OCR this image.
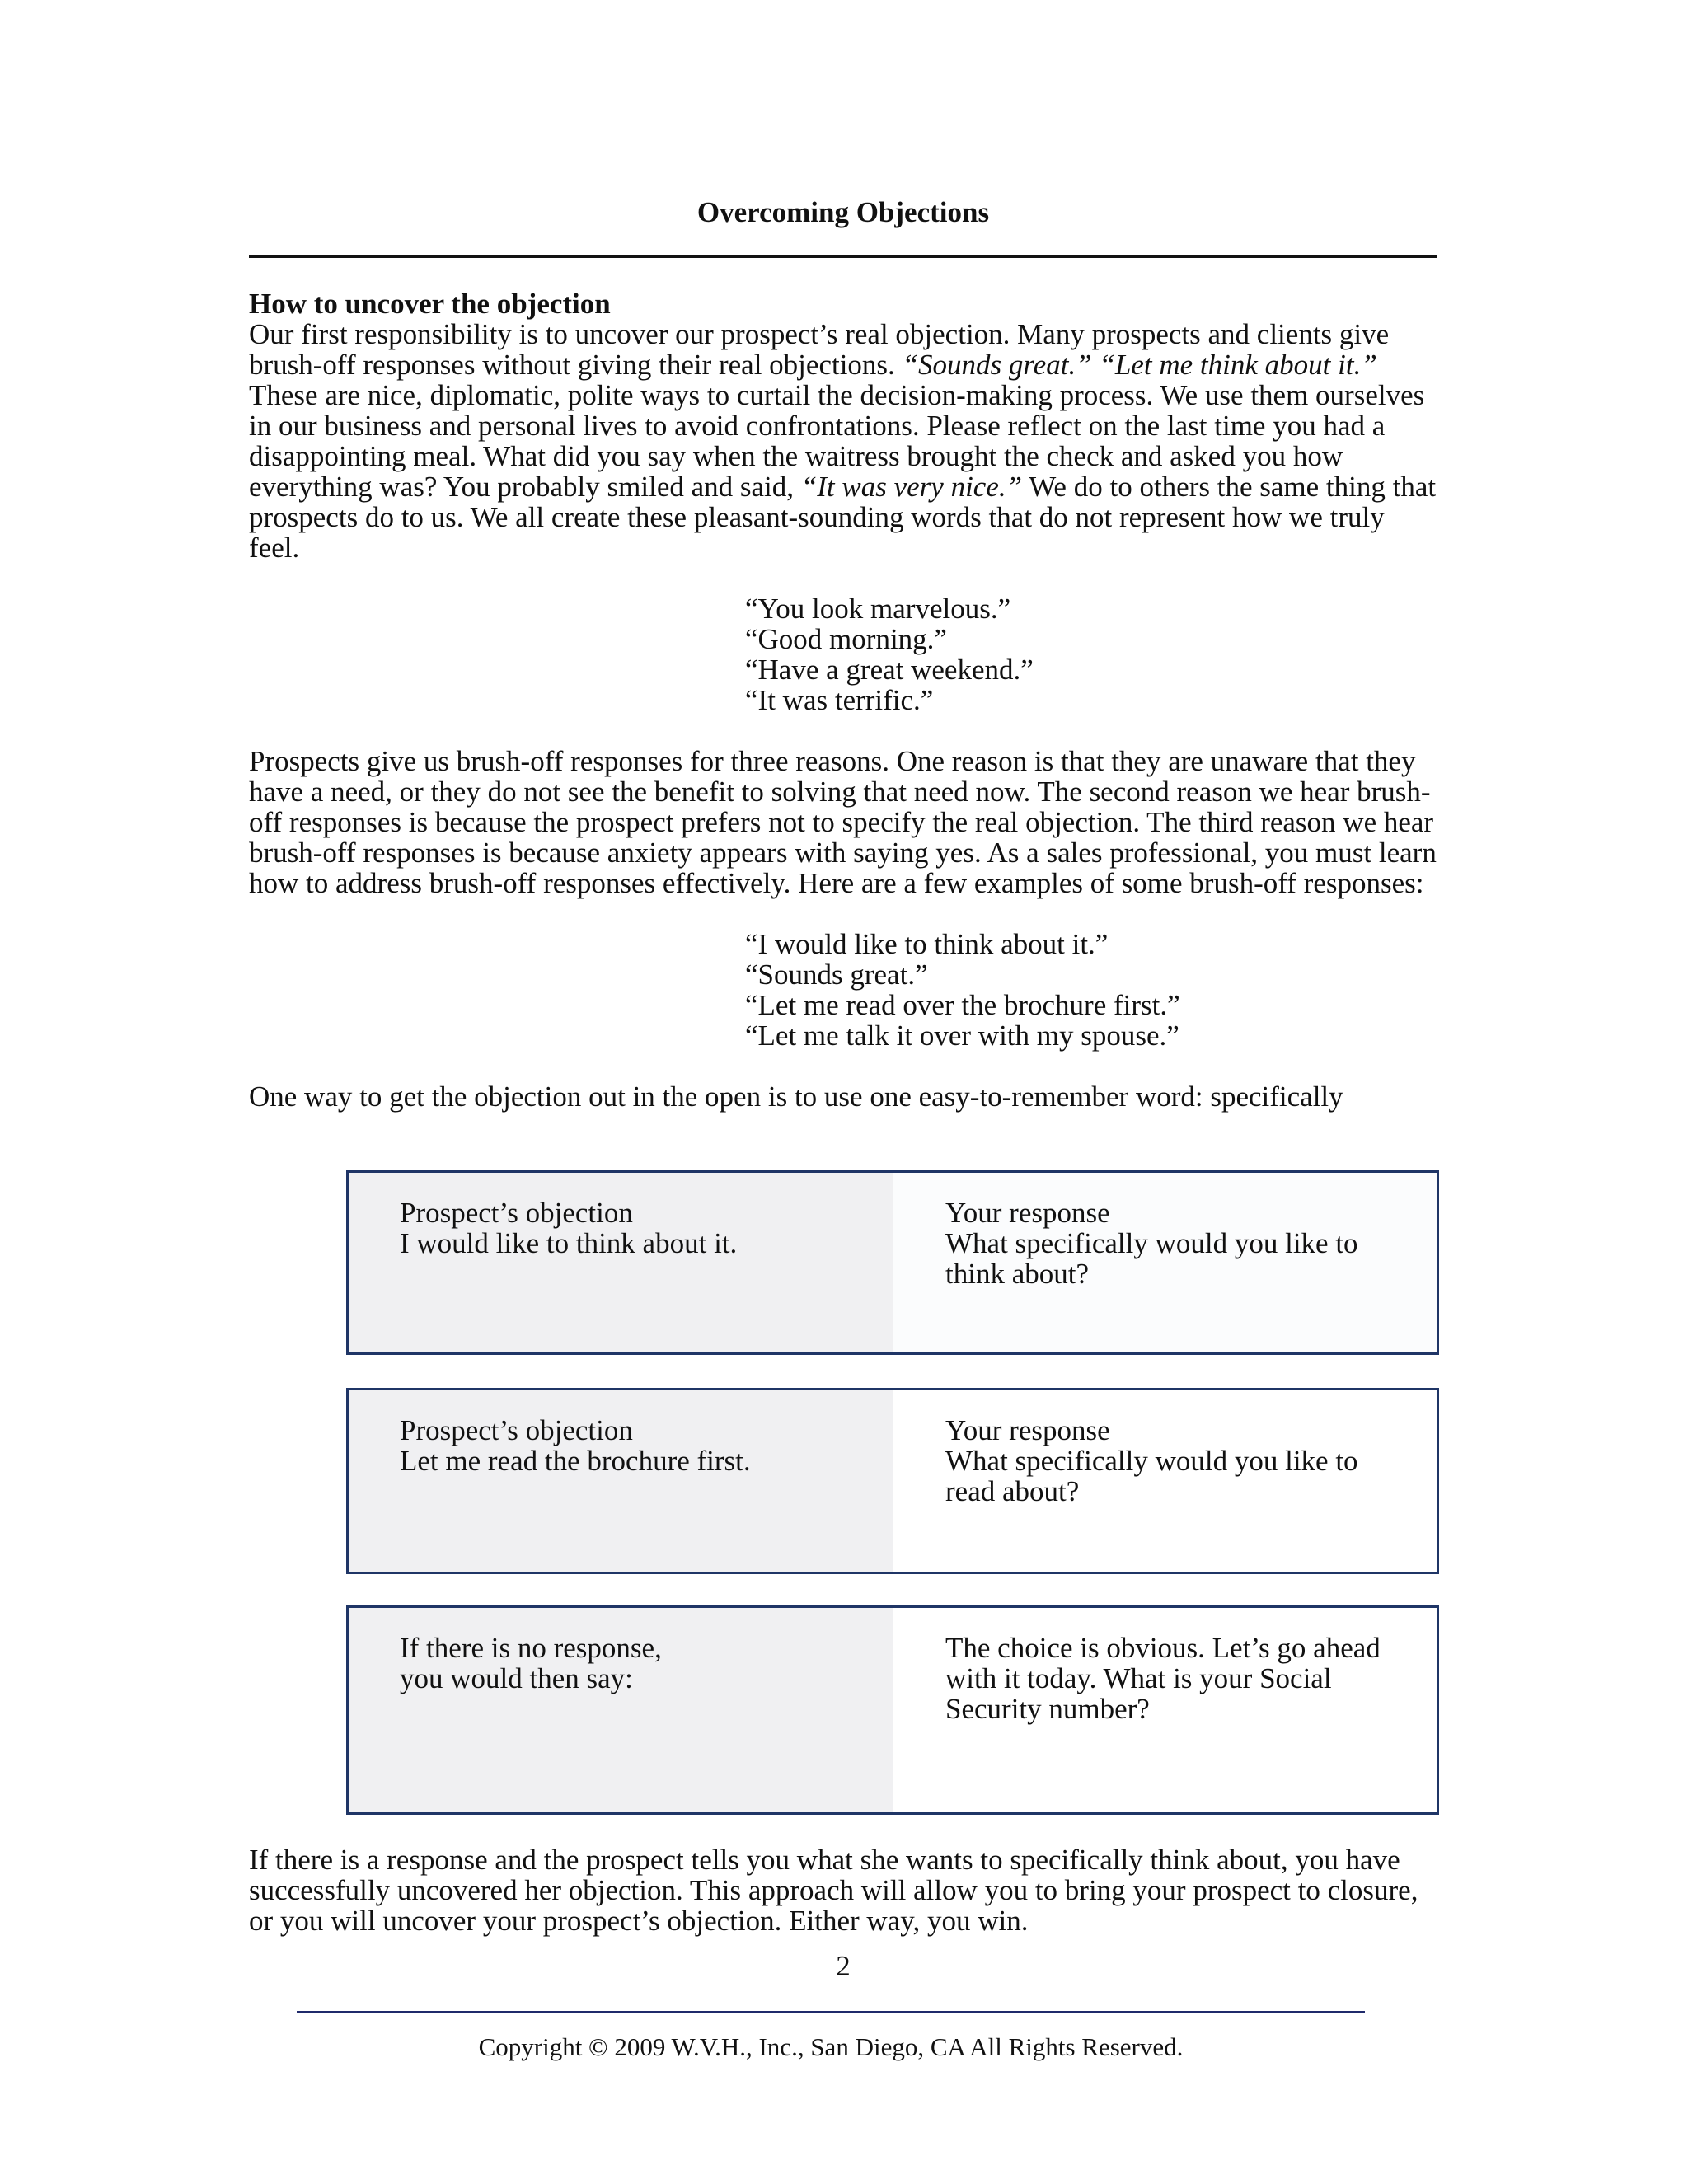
Overcoming Objections

How to uncover the objection

Our first responsibility is to uncover our prospect’s real objection. Many prospects and clients give brush-off responses without giving their real objections. “Sounds great.” “Let me think about it.” These are nice, diplomatic, polite ways to curtail the decision-making process. We use them ourselves in our business and personal lives to avoid confrontations. Please reflect on the last time you had a disappointing meal. What did you say when the waitress brought the check and asked you how everything was? You probably smiled and said, “It was very nice.” We do to others the same thing that prospects do to us. We all create these pleasant-sounding words that do not represent how we truly feel.

“You look marvelous.”
“Good morning.”
“Have a great weekend.”
“It was terrific.”

Prospects give us brush-off responses for three reasons. One reason is that they are unaware that they have a need, or they do not see the benefit to solving that need now. The second reason we hear brush-off responses is because the prospect prefers not to specify the real objection. The third reason we hear brush-off responses is because anxiety appears with saying yes. As a sales professional, you must learn how to address brush-off responses effectively. Here are a few examples of some brush-off responses:

“I would like to think about it.”
“Sounds great.”
“Let me read over the brochure first.”
“Let me talk it over with my spouse.”

One way to get the objection out in the open is to use one easy-to-remember word: specifically

Prospect’s objection
I would like to think about it.
Your response
What specifically would you like to
think about?
Prospect’s objection
Let me read the brochure first.
Your response
What specifically would you like to
read about?
If there is no response,
you would then say:
The choice is obvious. Let’s go ahead
with it today. What is your Social
Security number?

If there is a response and the prospect tells you what she wants to specifically think about, you have successfully uncovered her objection. This approach will allow you to bring your prospect to closure, or you will uncover your prospect’s objection. Either way, you win.

2
Copyright © 2009 W.V.H., Inc., San Diego, CA All Rights Reserved.
